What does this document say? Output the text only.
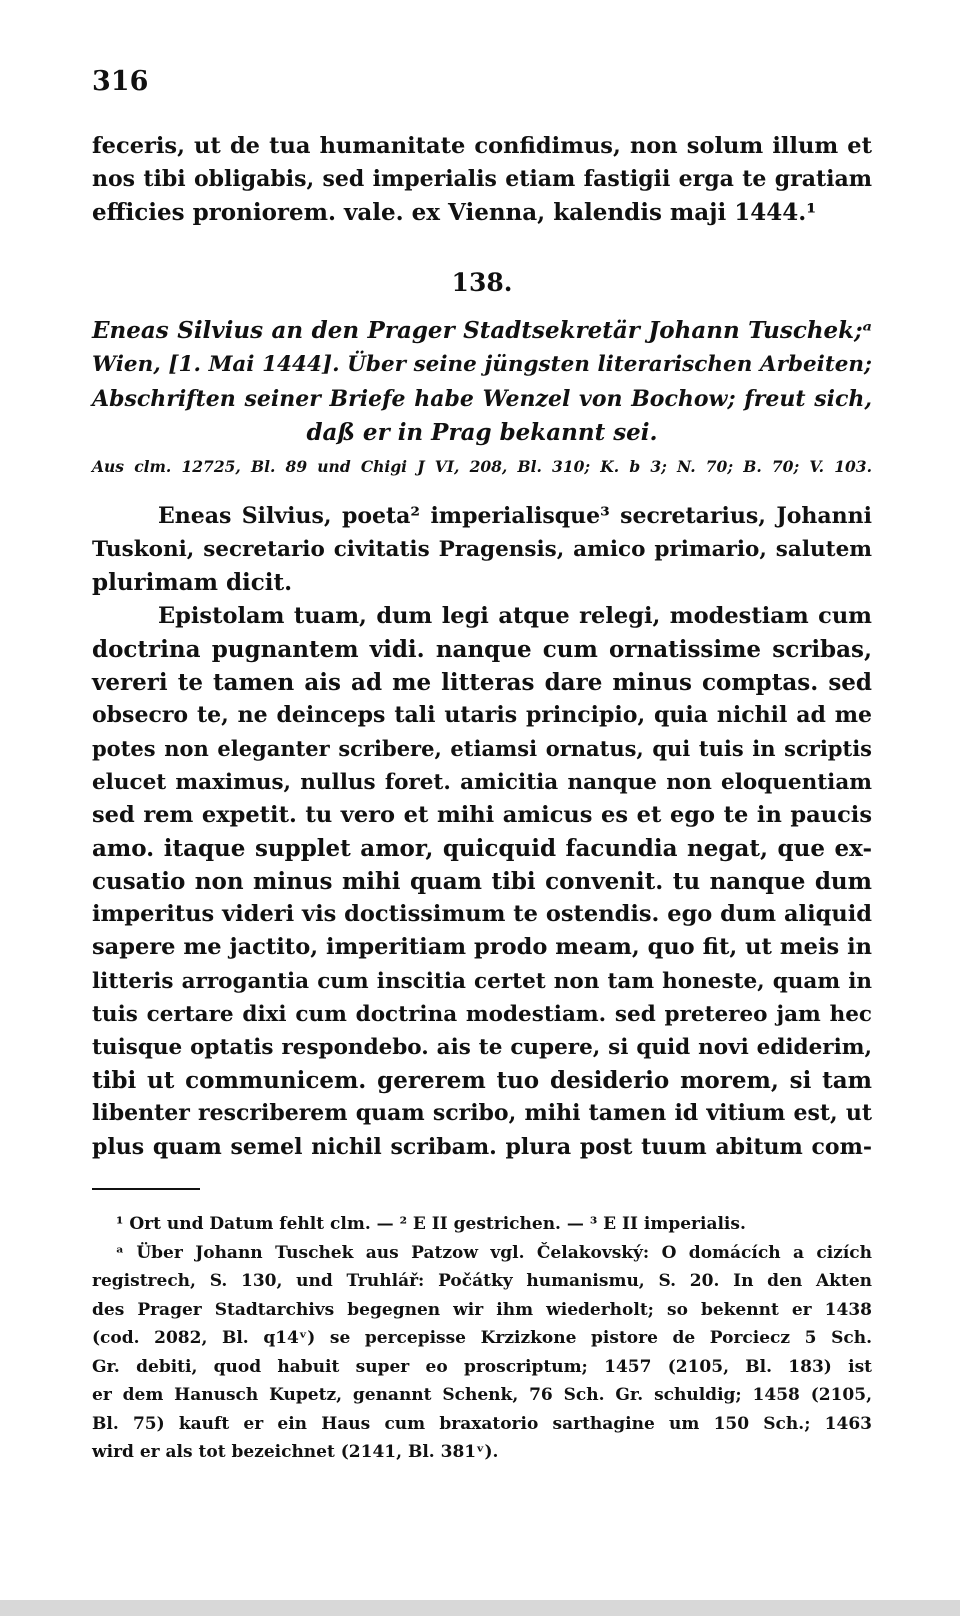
316
feceris, ut de tua humanitate confidimus, non solum illum et
nos tibi obligabis, sed imperialis etiam fastigii erga te gratiam
efficies proniorem. vale. ex Vienna, kalendis maji 1444.¹
138.
Eneas Silvius an den Prager Stadtsekretär Johann Tuschek;ᵃ
Wien, [1. Mai 1444]. Über seine jüngsten literarischen Arbeiten;
Abschriften seiner Briefe habe Wenzel von Bochow; freut sich,
daß er in Prag bekannt sei.
Aus clm. 12725, Bl. 89 und Chigi J VI, 208, Bl. 310; K. b 3; N. 70; B. 70; V. 103.
Eneas Silvius, poeta² imperialisque³ secretarius, Johanni
Tuskoni, secretario civitatis Pragensis, amico primario, salutem
plurimam dicit.
Epistolam tuam, dum legi atque relegi, modestiam cum
doctrina pugnantem vidi. nanque cum ornatissime scribas,
vereri te tamen ais ad me litteras dare minus comptas. sed
obsecro te, ne deinceps tali utaris principio, quia nichil ad me
potes non eleganter scribere, etiamsi ornatus, qui tuis in scriptis
elucet maximus, nullus foret. amicitia nanque non eloquentiam
sed rem expetit. tu vero et mihi amicus es et ego te in paucis
amo. itaque supplet amor, quicquid facundia negat, que ex-
cusatio non minus mihi quam tibi convenit. tu nanque dum
imperitus videri vis doctissimum te ostendis. ego dum aliquid
sapere me jactito, imperitiam prodo meam, quo fit, ut meis in
litteris arrogantia cum inscitia certet non tam honeste, quam in
tuis certare dixi cum doctrina modestiam. sed pretereo jam hec
tuisque optatis respondebo. ais te cupere, si quid novi ediderim,
tibi ut communicem. gererem tuo desiderio morem, si tam
libenter rescriberem quam scribo, mihi tamen id vitium est, ut
plus quam semel nichil scribam. plura post tuum abitum com-
¹ Ort und Datum fehlt clm. — ² E II gestrichen. — ³ E II imperialis.
ᵃ Über Johann Tuschek aus Patzow vgl. Čelakovský: O domácích a cizích
registrech, S. 130, und Truhlář: Počátky humanismu, S. 20. In den Akten
des Prager Stadtarchivs begegnen wir ihm wiederholt; so bekennt er 1438
(cod. 2082, Bl. q14ᵛ) se percepisse Krzizkone pistore de Porciecz 5 Sch.
Gr. debiti, quod habuit super eo proscriptum; 1457 (2105, Bl. 183) ist
er dem Hanusch Kupetz, genannt Schenk, 76 Sch. Gr. schuldig; 1458 (2105,
Bl. 75) kauft er ein Haus cum braxatorio sarthagine um 150 Sch.; 1463
wird er als tot bezeichnet (2141, Bl. 381ᵛ).
